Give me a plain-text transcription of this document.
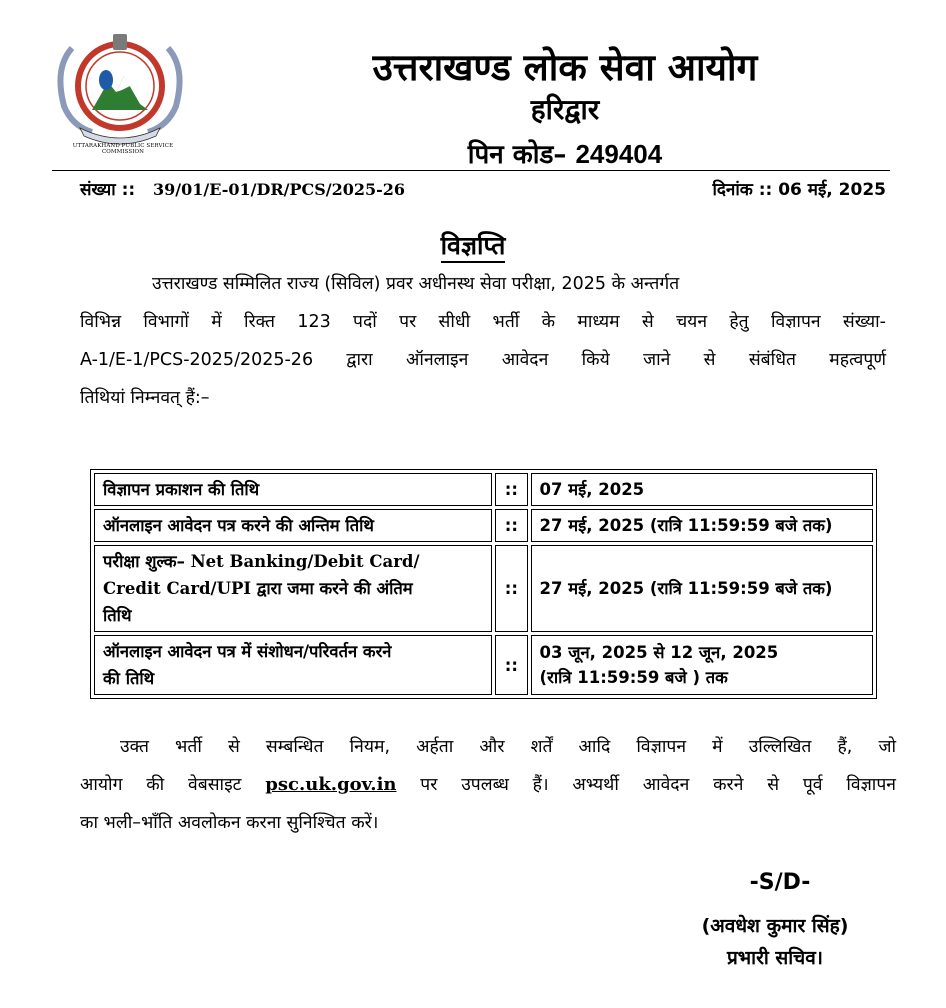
UTTARAKHAND PUBLIC SERVICE COMMISSION
उत्तराखण्ड लोक सेवा आयोग
हरिद्वार
पिन कोड– 249404
संख्या :: 39/01/E-01/DR/PCS/2025-26	दिनांक :: 06 मई, 2025
विज्ञप्ति
उत्तराखण्ड सम्मिलित राज्य (सिविल) प्रवर अधीनस्थ सेवा परीक्षा, 2025 के अन्तर्गत
विभिन्न विभागों में रिक्त 123 पदों पर सीधी भर्ती के माध्यम से चयन हेतु विज्ञापन संख्या-
A-1/E-1/PCS-2025/2025-26 द्वारा ऑनलाइन आवेदन किये जाने से संबंधित महत्वपूर्ण
तिथियां निम्नवत् हैं:–
विज्ञापन प्रकाशन की तिथि	::	07 मई, 2025
ऑनलाइन आवेदन पत्र करने की अन्तिम तिथि	::	27 मई, 2025 (रात्रि 11:59:59 बजे तक)
परीक्षा शुल्क– Net Banking/Debit Card/
Credit Card/UPI द्वारा जमा करने की अंतिम
तिथि	::	27 मई, 2025 (रात्रि 11:59:59 बजे तक)
ऑनलाइन आवेदन पत्र में संशोधन/परिवर्तन करने
की तिथि	::	03 जून, 2025 से 12 जून, 2025
(रात्रि 11:59:59 बजे ) तक
उक्त भर्ती से सम्बन्धित नियम, अर्हता और शर्तें आदि विज्ञापन में उल्लिखित हैं, जो
आयोग की वेबसाइट psc.uk.gov.in पर उपलब्ध हैं। अभ्यर्थी आवेदन करने से पूर्व विज्ञापन
का भली–भाँति अवलोकन करना सुनिश्चित करें।
-S/D-
(अवधेश कुमार सिंह)
प्रभारी सचिव।
